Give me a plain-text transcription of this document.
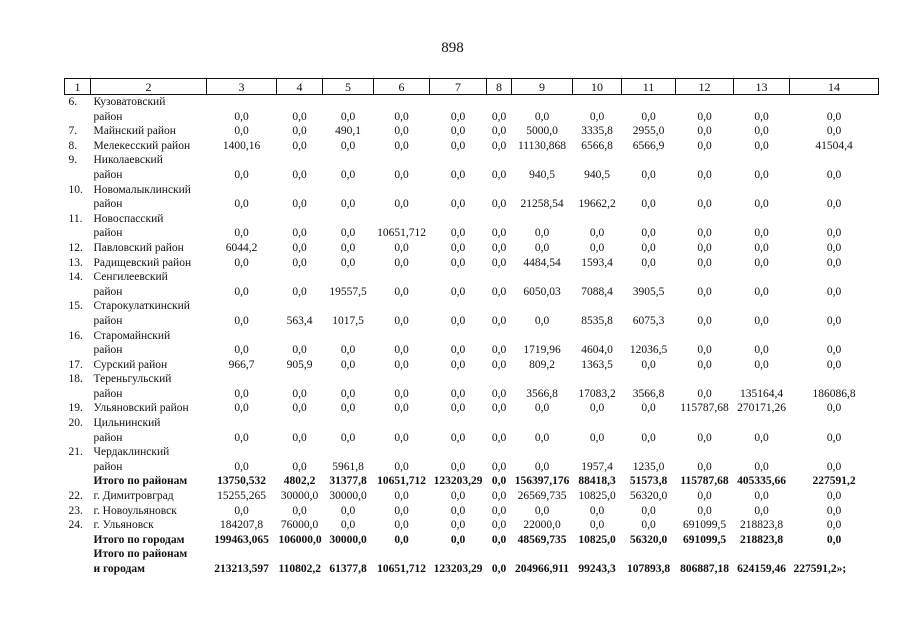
898
1	2	3	4	5	6	7	8	9	10	11	12	13	14
6.	Кузоватовский												
	район	0,0	0,0	0,0	0,0	0,0	0,0	0,0	0,0	0,0	0,0	0,0	0,0
7.	Майнский район	0,0	0,0	490,1	0,0	0,0	0,0	5000,0	3335,8	2955,0	0,0	0,0	0,0
8.	Мелекесский район	1400,16	0,0	0,0	0,0	0,0	0,0	11130,868	6566,8	6566,9	0,0	0,0	41504,4
9.	Николаевский												
	район	0,0	0,0	0,0	0,0	0,0	0,0	940,5	940,5	0,0	0,0	0,0	0,0
10.	Новомалыклинский												
	район	0,0	0,0	0,0	0,0	0,0	0,0	21258,54	19662,2	0,0	0,0	0,0	0,0
11.	Новоспасский												
	район	0,0	0,0	0,0	10651,712	0,0	0,0	0,0	0,0	0,0	0,0	0,0	0,0
12.	Павловский район	6044,2	0,0	0,0	0,0	0,0	0,0	0,0	0,0	0,0	0,0	0,0	0,0
13.	Радищевский район	0,0	0,0	0,0	0,0	0,0	0,0	4484,54	1593,4	0,0	0,0	0,0	0,0
14.	Сенгилеевский												
	район	0,0	0,0	19557,5	0,0	0,0	0,0	6050,03	7088,4	3905,5	0,0	0,0	0,0
15.	Старокулаткинский												
	район	0,0	563,4	1017,5	0,0	0,0	0,0	0,0	8535,8	6075,3	0,0	0,0	0,0
16.	Старомайнский												
	район	0,0	0,0	0,0	0,0	0,0	0,0	1719,96	4604,0	12036,5	0,0	0,0	0,0
17.	Сурский район	966,7	905,9	0,0	0,0	0,0	0,0	809,2	1363,5	0,0	0,0	0,0	0,0
18.	Тереньгульский												
	район	0,0	0,0	0,0	0,0	0,0	0,0	3566,8	17083,2	3566,8	0,0	135164,4	186086,8
19.	Ульяновский район	0,0	0,0	0,0	0,0	0,0	0,0	0,0	0,0	0,0	115787,68	270171,26	0,0
20.	Цильнинский												
	район	0,0	0,0	0,0	0,0	0,0	0,0	0,0	0,0	0,0	0,0	0,0	0,0
21.	Чердаклинский												
	район	0,0	0,0	5961,8	0,0	0,0	0,0	0,0	1957,4	1235,0	0,0	0,0	0,0
	Итого по районам	13750,532	4802,2	31377,8	10651,712	123203,29	0,0	156397,176	88418,3	51573,8	115787,68	405335,66	227591,2
22.	г. Димитровград	15255,265	30000,0	30000,0	0,0	0,0	0,0	26569,735	10825,0	56320,0	0,0	0,0	0,0
23.	г. Новоульяновск	0,0	0,0	0,0	0,0	0,0	0,0	0,0	0,0	0,0	0,0	0,0	0,0
24.	г. Ульяновск	184207,8	76000,0	0,0	0,0	0,0	0,0	22000,0	0,0	0,0	691099,5	218823,8	0,0
	Итого по городам	199463,065	106000,0	30000,0	0,0	0,0	0,0	48569,735	10825,0	56320,0	691099,5	218823,8	0,0
	Итого по районам												
	и городам	213213,597	110802,2	61377,8	10651,712	123203,29	0,0	204966,911	99243,3	107893,8	806887,18	624159,46	227591,2»;
